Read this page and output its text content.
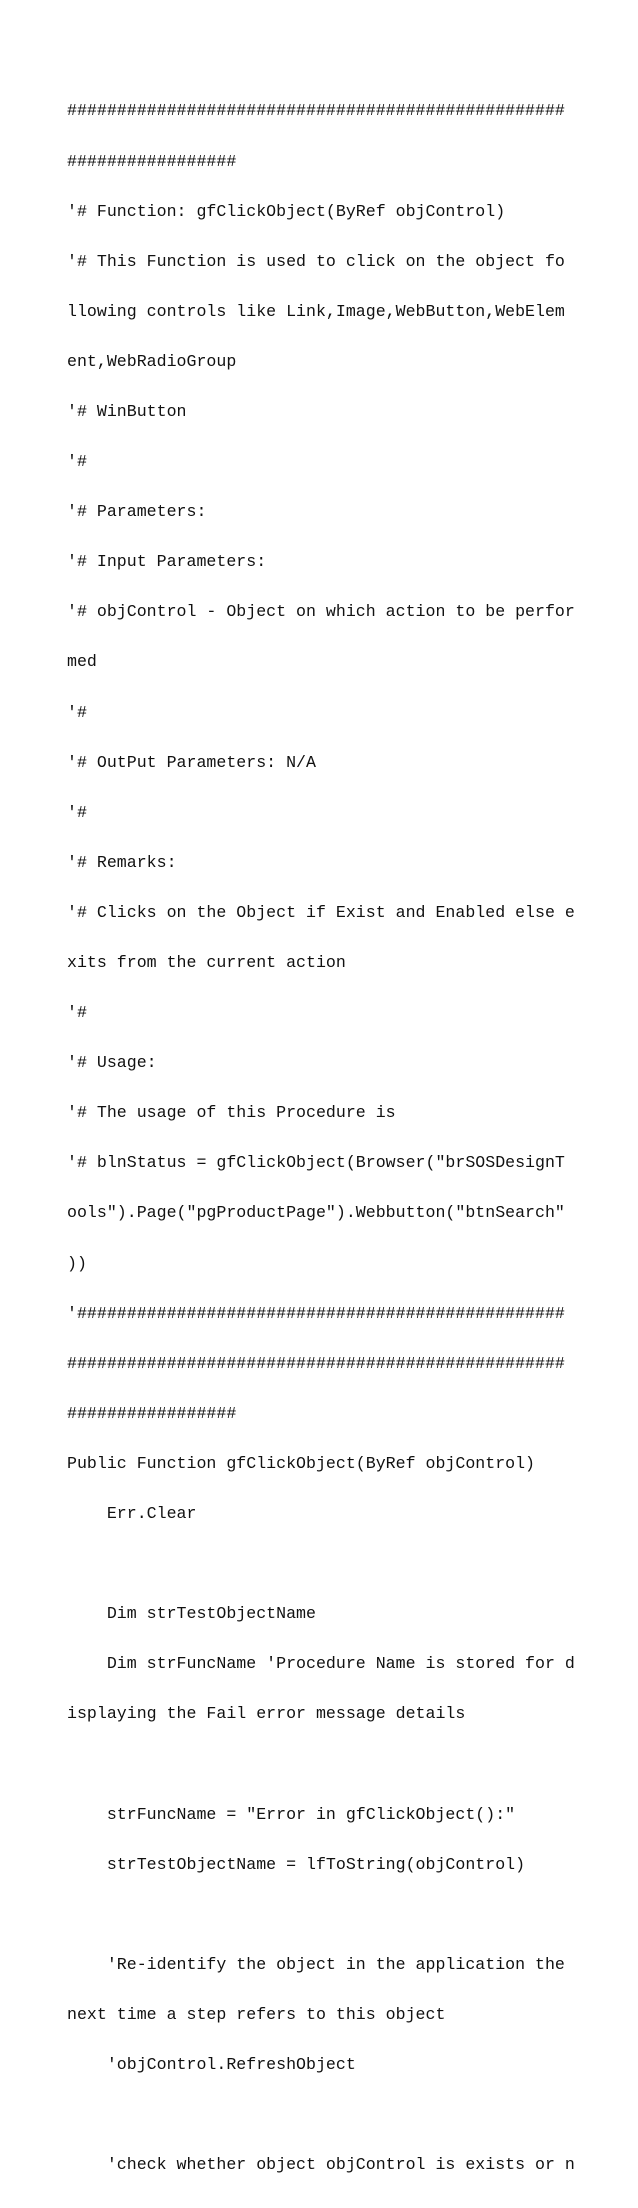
##################################################

#################

'# Function: gfClickObject(ByRef objControl)

'# This Function is used to click on the object fo

llowing controls like Link,Image,WebButton,WebElem

ent,WebRadioGroup

'# WinButton

'#

'# Parameters:

'# Input Parameters:

'# objControl - Object on which action to be perfor

med

'#

'# OutPut Parameters: N/A

'#

'# Remarks:

'# Clicks on the Object if Exist and Enabled else e

xits from the current action

'#

'# Usage:

'# The usage of this Procedure is

'# blnStatus = gfClickObject(Browser("brSOSDesignT

ools").Page("pgProductPage").Webbutton("btnSearch"

))

'#################################################

##################################################

#################

Public Function gfClickObject(ByRef objControl)

Err.Clear

Dim strTestObjectName

Dim strFuncName 'Procedure Name is stored for d

isplaying the Fail error message details

strFuncName = "Error in gfClickObject():"

strTestObjectName = lfToString(objControl)

'Re-identify the object in the application the

next time a step refers to this object

'objControl.RefreshObject

'check whether object objControl is exists or n
